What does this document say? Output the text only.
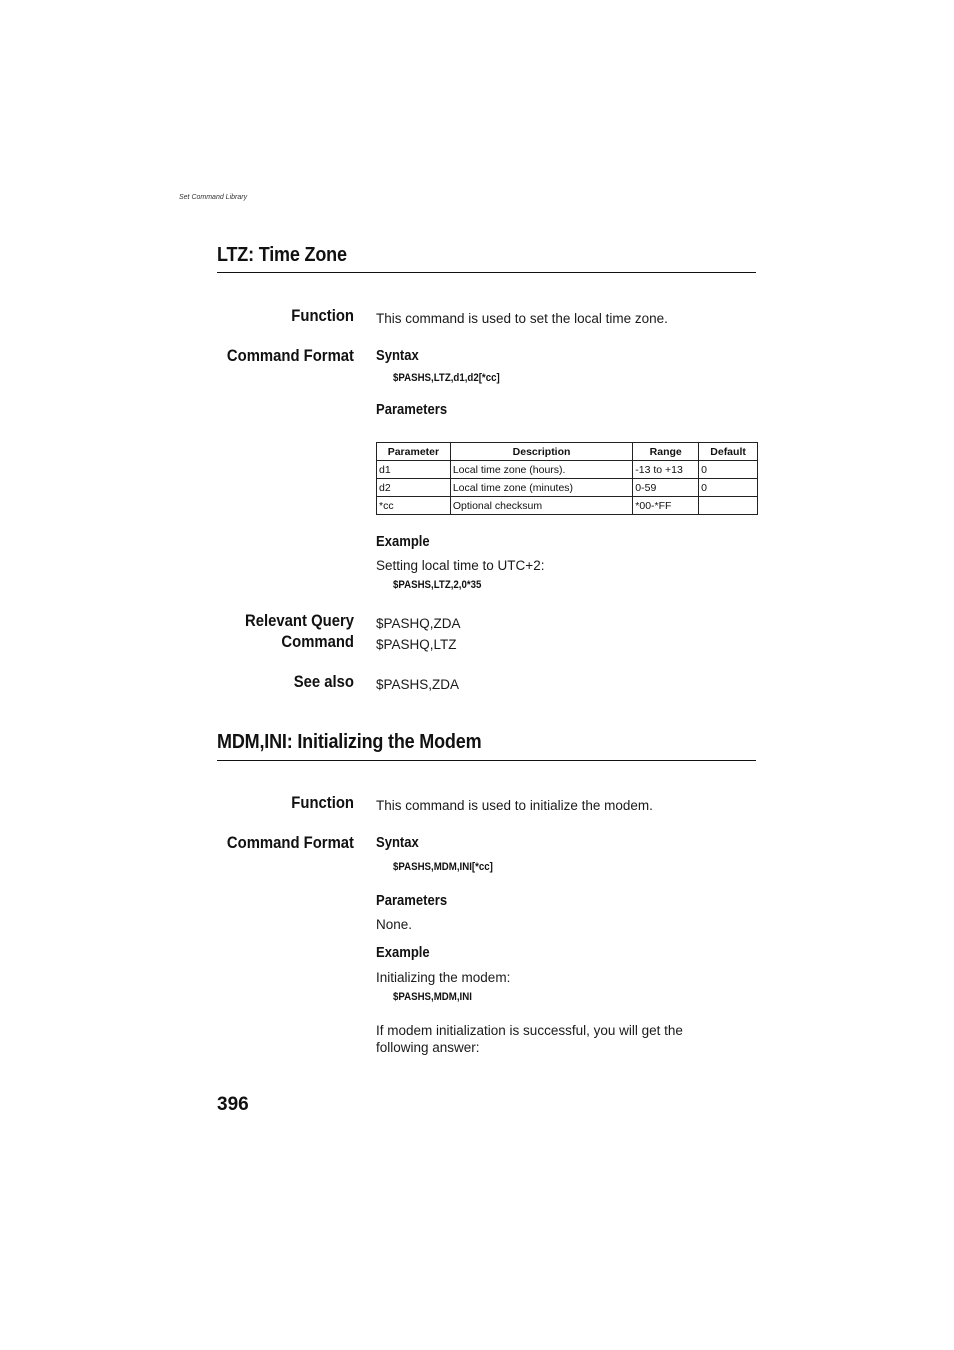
Set Command Library
LTZ: Time Zone
Function This command is used to set the local time zone.
Command Format Syntax
$PASHS,LTZ,d1,d2[*cc]
Parameters
Parameter	Description	Range	Default
d1	Local time zone (hours).	-13 to +13	0
d2	Local time zone (minutes)	0-59	0
*cc	Optional checksum	*00-*FF	
Example
Setting local time to UTC+2:
$PASHS,LTZ,2,0*35
Relevant Query
Command
$PASHQ,ZDA
$PASHQ,LTZ
See also $PASHS,ZDA
MDM,INI: Initializing the Modem
Function This command is used to initialize the modem.
Command Format Syntax
$PASHS,MDM,INI[*cc]
Parameters
None.
Example
Initializing the modem:
$PASHS,MDM,INI
If modem initialization is successful, you will get the
following answer:
396
